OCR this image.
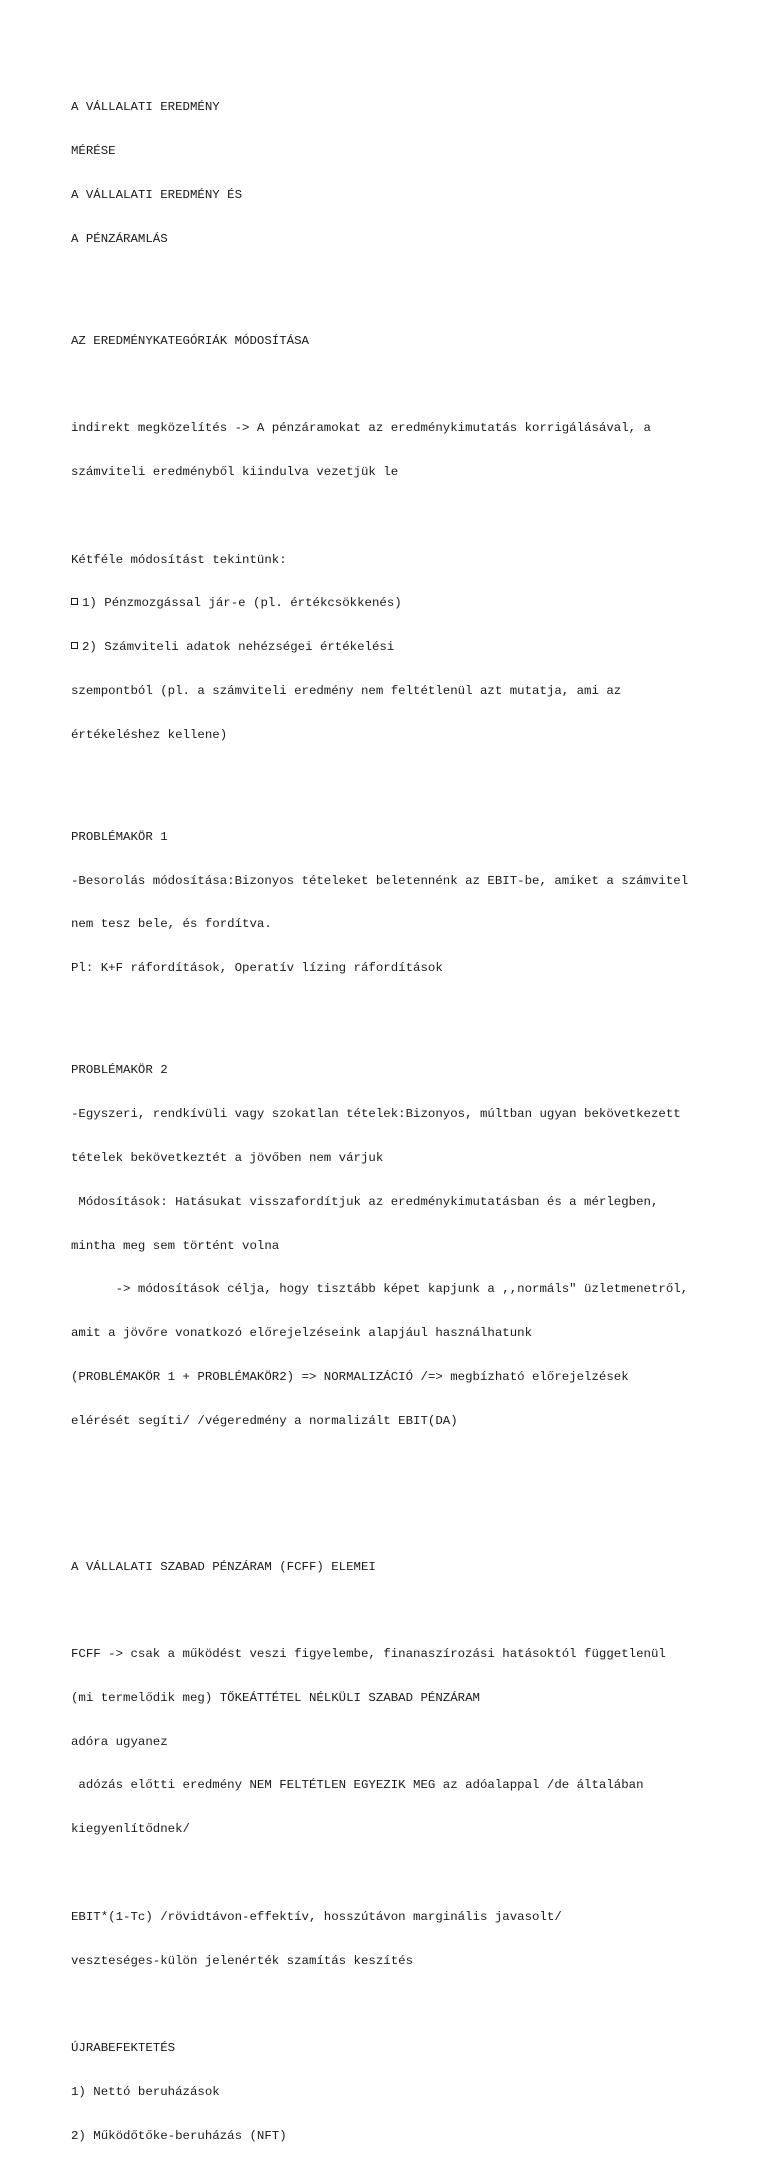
A VÁLLALATI EREDMÉNY

MÉRÉSE

A VÁLLALATI EREDMÉNY ÉS

A PÉNZÁRAMLÁS

AZ EREDMÉNYKATEGÓRIÁK MÓDOSÍTÁSA

indirekt megközelítés -> A pénzáramokat az eredménykimutatás korrigálásával, a

számviteli eredményből kiindulva vezetjük le

Kétféle módosítást tekintünk:

1) Pénzmozgással jár-e (pl. értékcsökkenés)

2) Számviteli adatok nehézségei értékelési

szempontból (pl. a számviteli eredmény nem feltétlenül azt mutatja, ami az

értékeléshez kellene)

PROBLÉMAKÖR 1

-Besorolás módosítása:Bizonyos tételeket beletennénk az EBIT-be, amiket a számvitel

nem tesz bele, és fordítva.

Pl: K+F ráfordítások, Operatív lízing ráfordítások

PROBLÉMAKÖR 2

-Egyszeri, rendkívüli vagy szokatlan tételek:Bizonyos, múltban ugyan bekövetkezett

tételek bekövetkeztét a jövőben nem várjuk

Módosítások: Hatásukat visszafordítjuk az eredménykimutatásban és a mérlegben,

mintha meg sem történt volna

-> módosítások célja, hogy tisztább képet kapjunk a ,,normáls" üzletmenetről,

amit a jövőre vonatkozó előrejelzéseink alapjául használhatunk

(PROBLÉMAKÖR 1 + PROBLÉMAKÖR2) => NORMALIZÁCIÓ /=> megbízható előrejelzések

elérését segíti/ /végeredmény a normalizált EBIT(DA)

A VÁLLALATI SZABAD PÉNZÁRAM (FCFF) ELEMEI

FCFF -> csak a működést veszi figyelembe, finanaszírozási hatásoktól függetlenül

(mi termelődik meg) TŐKEÁTTÉTEL NÉLKÜLI SZABAD PÉNZÁRAM

adóra ugyanez

adózás előtti eredmény NEM FELTÉTLEN EGYEZIK MEG az adóalappal /de általában

kiegyenlítődnek/

EBIT*(1-Tc) /rövidtávon-effektív, hosszútávon marginális javasolt/

veszteséges-külön jelenérték szamítás keszítés

ÚJRABEFEKTETÉS

1) Nettó beruházások

2) Működőtőke-beruházás (NFT)
